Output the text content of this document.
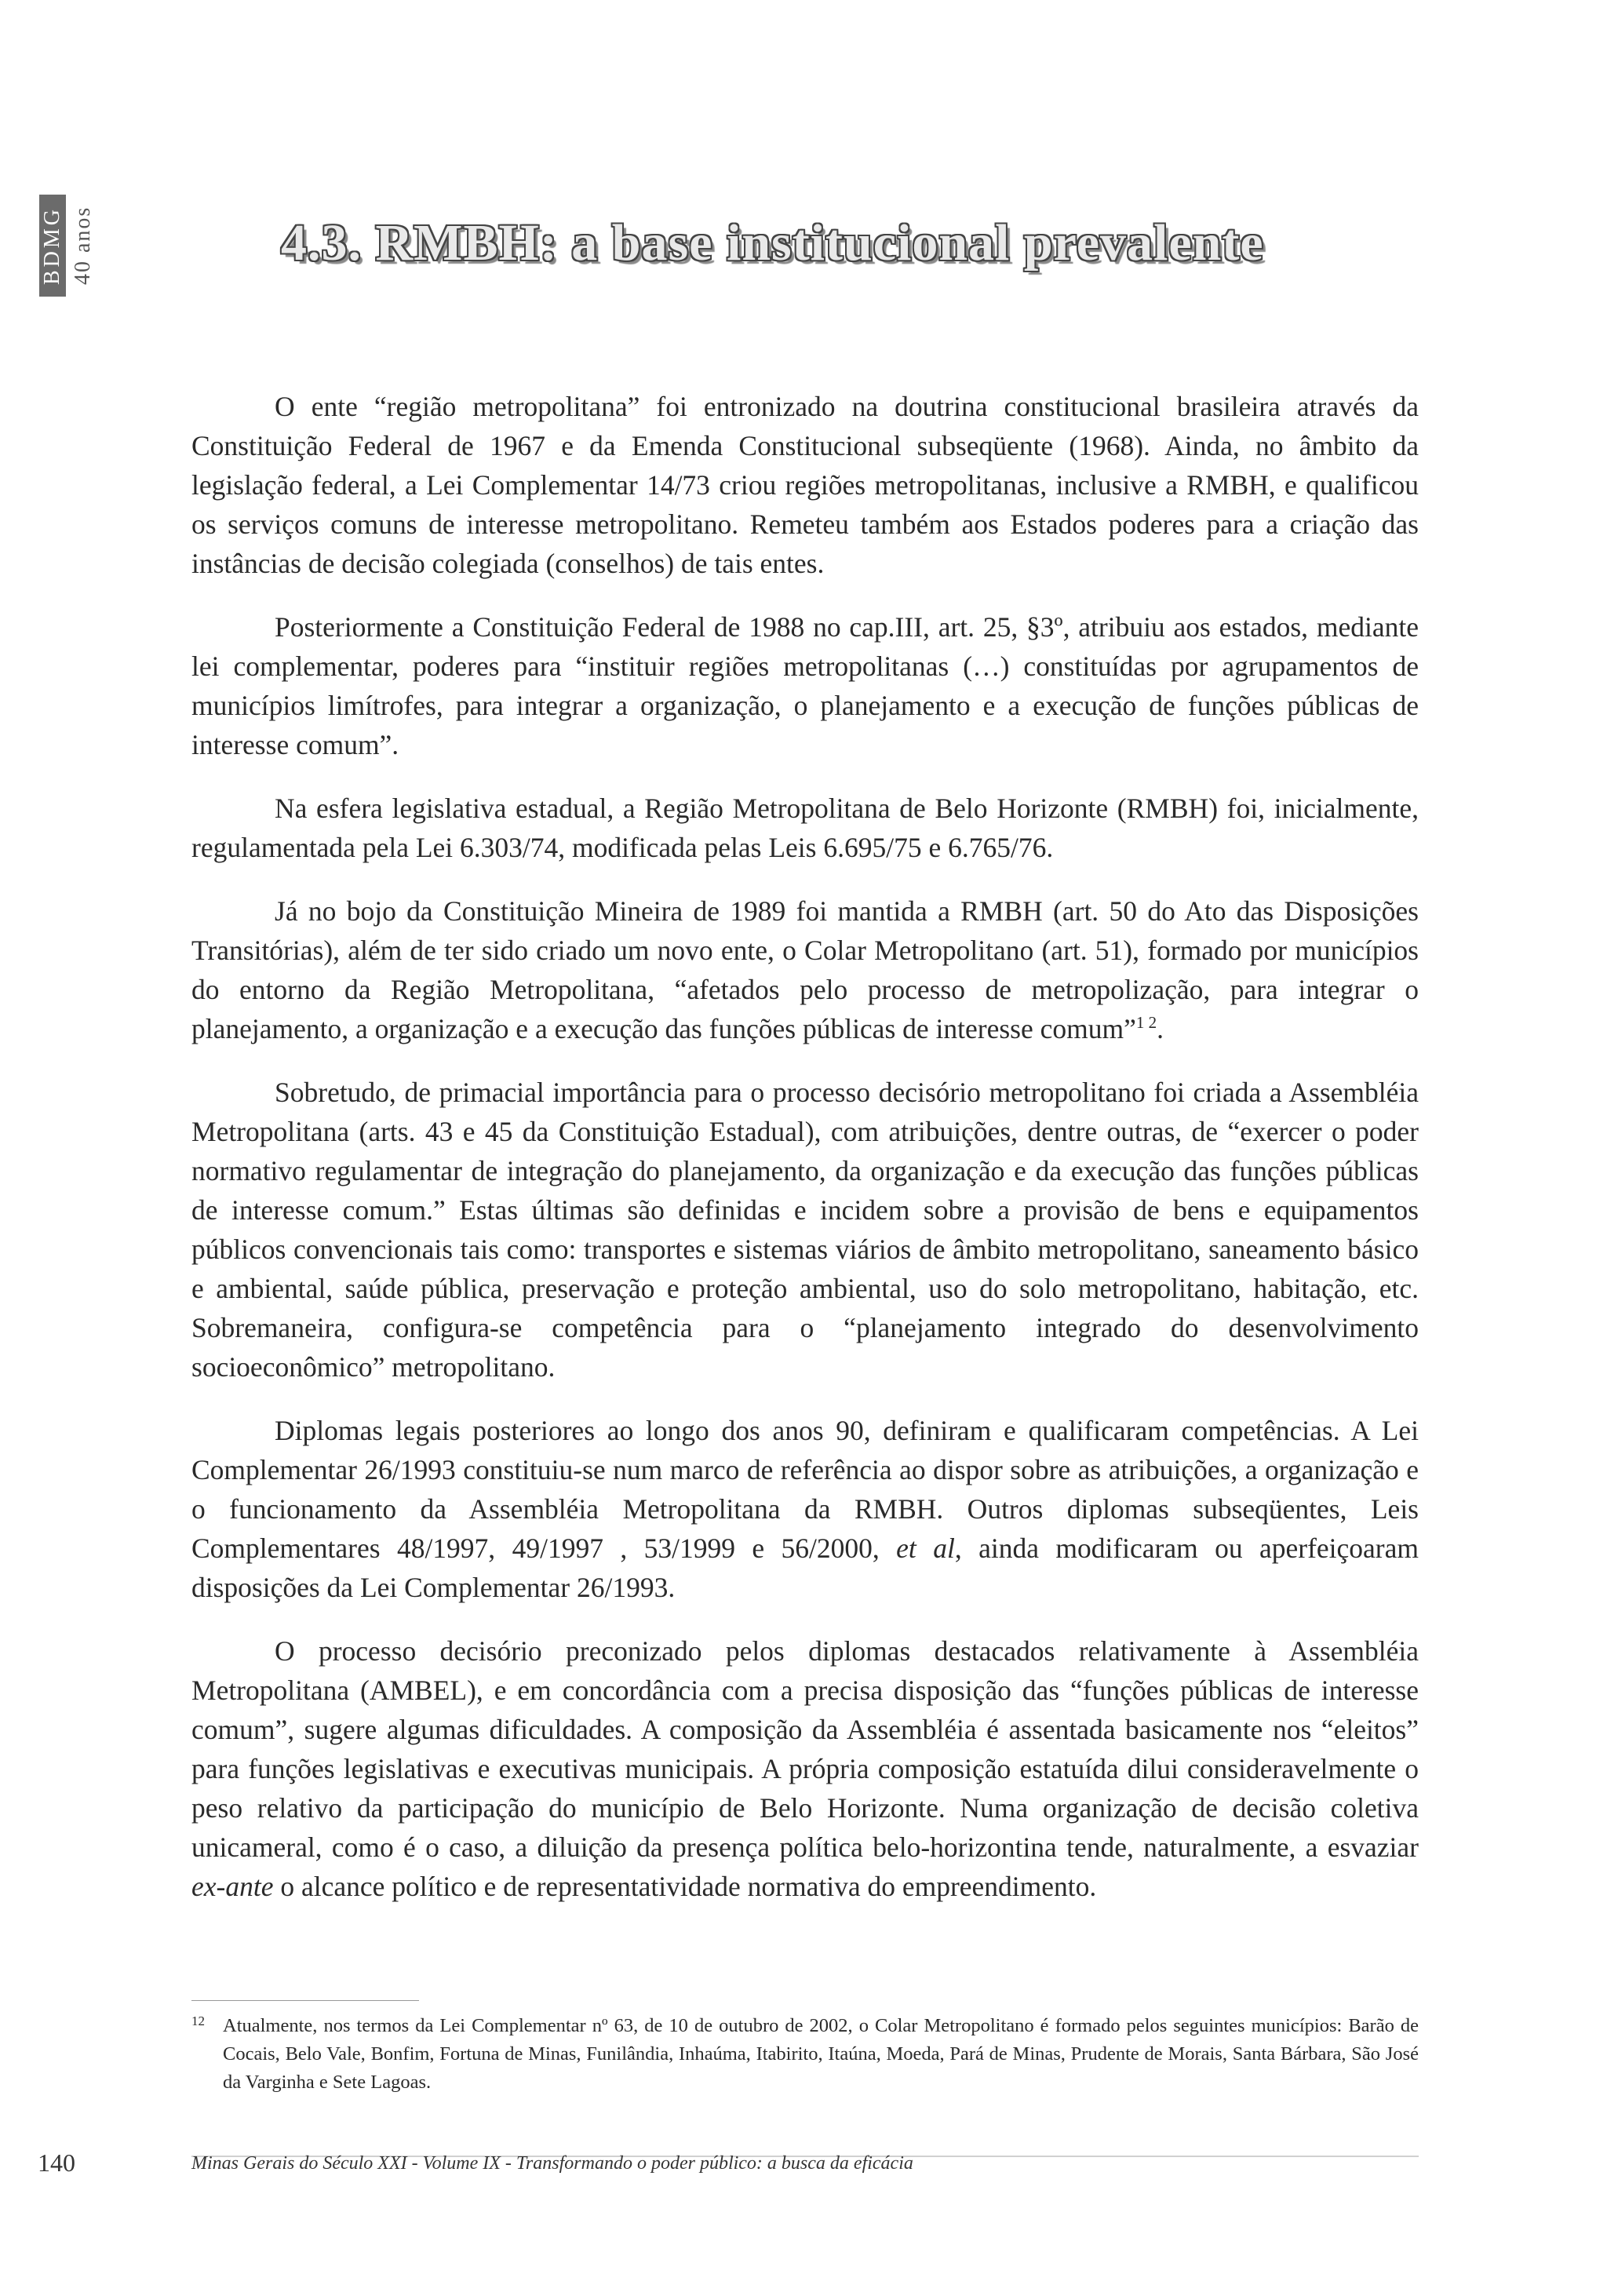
BDMG 40 anos	4.3. RMBH: a base institucional prevalente

O ente “região metropolitana” foi entronizado na doutrina constitucional brasileira através da Constituição Federal de 1967 e da Emenda Constitucional subseqüente (1968). Ainda, no âmbito da legislação federal, a Lei Complementar 14/73 criou regiões metropolitanas, inclusive a RMBH, e qualificou os serviços comuns de interesse metropolitano. Remeteu também aos Estados poderes para a criação das instâncias de decisão colegiada (conselhos) de tais entes.

Posteriormente a Constituição Federal de 1988 no cap.III, art. 25, §3º, atribuiu aos estados, mediante lei complementar, poderes para “instituir regiões metropolitanas (…) constituídas por agrupamentos de municípios limítrofes, para integrar a organização, o planejamento e a execução de funções públicas de interesse comum”.

Na esfera legislativa estadual, a Região Metropolitana de Belo Horizonte (RMBH) foi, inicialmente, regulamentada pela Lei 6.303/74, modificada pelas Leis 6.695/75 e 6.765/76.

Já no bojo da Constituição Mineira de 1989 foi mantida a RMBH (art. 50 do Ato das Disposições Transitórias), além de ter sido criado um novo ente, o Colar Metropolitano (art. 51), formado por municípios do entorno da Região Metropolitana, “afetados pelo processo de metropolização, para integrar o planejamento, a organização e a execução das funções públicas de interesse comum”$^{1 2}$.

Sobretudo, de primacial importância para o processo decisório metropolitano foi criada a Assembléia Metropolitana (arts. 43 e 45 da Constituição Estadual), com atribuições, dentre outras, de “exercer o poder normativo regulamentar de integração do planejamento, da organização e da execução das funções públicas de interesse comum.” Estas últimas são definidas e incidem sobre a provisão de bens e equipamentos públicos convencionais tais como: transportes e sistemas viários de âmbito metropolitano, saneamento básico e ambiental, saúde pública, preservação e proteção ambiental, uso do solo metropolitano, habitação, etc. Sobremaneira, configura-se competência para o “planejamento integrado do desenvolvimento socioeconômico” metropolitano.

Diplomas legais posteriores ao longo dos anos 90, definiram e qualificaram competências. A Lei Complementar 26/1993 constituiu-se num marco de referência ao dispor sobre as atribuições, a organização e o funcionamento da Assembléia Metropolitana da RMBH. Outros diplomas subseqüentes, Leis Complementares 48/1997, 49/1997 , 53/1999 e 56/2000, et al, ainda modificaram ou aperfeiçoaram disposições da Lei Complementar 26/1993.

O processo decisório preconizado pelos diplomas destacados relativamente à Assembléia Metropolitana (AMBEL), e em concordância com a precisa disposição das “funções públicas de interesse comum”, sugere algumas dificuldades. A composição da Assembléia é assentada basicamente nos “eleitos” para funções legislativas e executivas municipais. A própria composição estatuída dilui consideravelmente o peso relativo da participação do município de Belo Horizonte. Numa organização de decisão coletiva unicameral, como é o caso, a diluição da presença política belo-horizontina tende, naturalmente, a esvaziar ex-ante o alcance político e de representatividade normativa do empreendimento.

12 Atualmente, nos termos da Lei Complementar nº 63, de 10 de outubro de 2002, o Colar Metropolitano é formado pelos seguintes municípios: Barão de Cocais, Belo Vale, Bonfim, Fortuna de Minas, Funilândia, Inhaúma, Itabirito, Itaúna, Moeda, Pará de Minas, Prudente de Morais, Santa Bárbara, São José da Varginha e Sete Lagoas.
140	Minas Gerais do Século XXI - Volume IX - Transformando o poder público: a busca da eficácia
